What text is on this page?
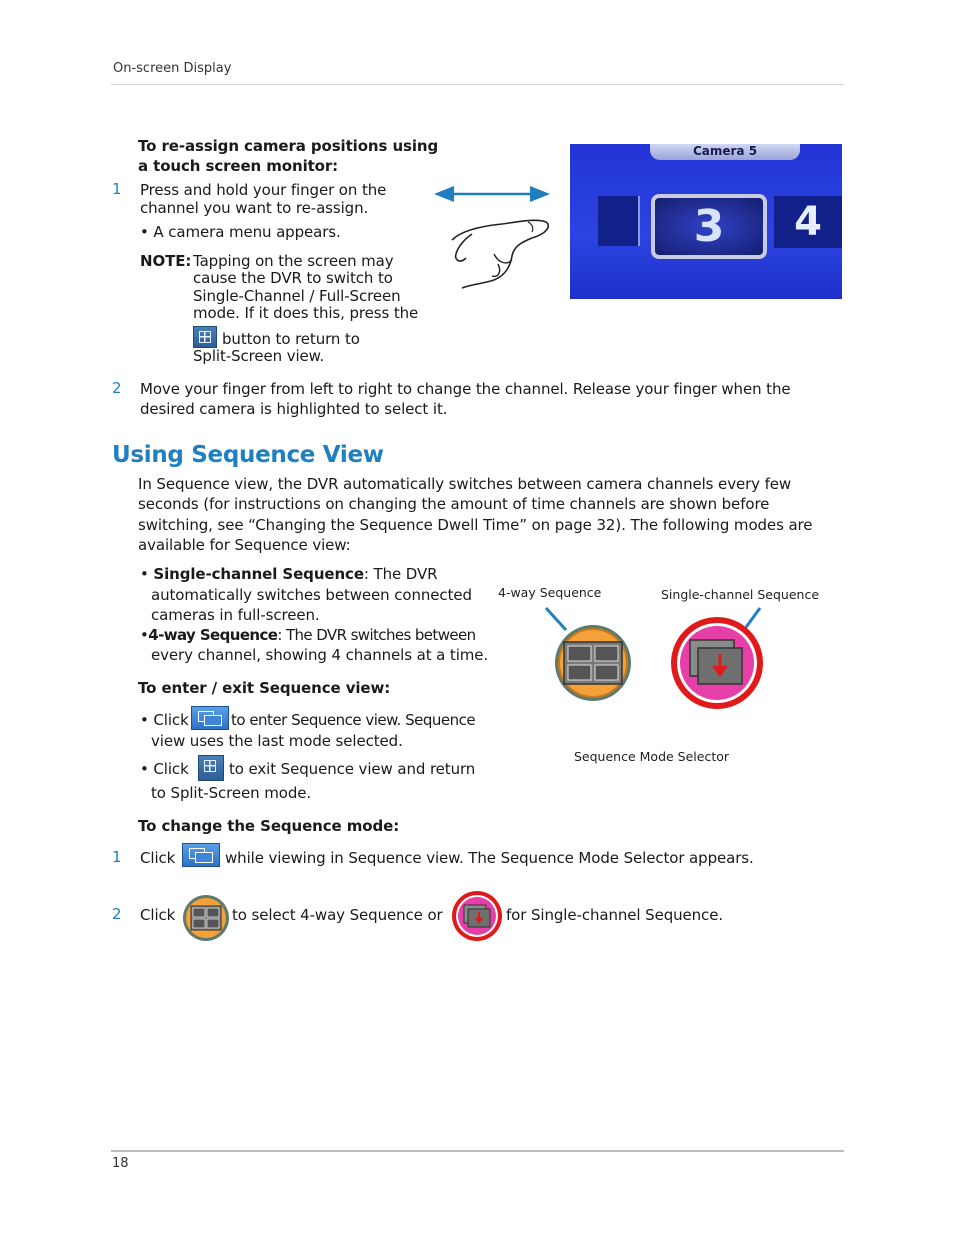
On-screen Display
To re-assign camera positions using
a touch screen monitor:
1 Press and hold your finger on the
channel you want to re-assign.
• A camera menu appears.
NOTE: Tapping on the screen may
cause the DVR to switch to
Single-Channel / Full-Screen
mode. If it does this, press the
button to return to
Split-Screen view.
Camera 5
3	4
2 Move your finger from left to right to change the channel. Release your finger when the
desired camera is highlighted to select it.
Using Sequence View
In Sequence view, the DVR automatically switches between camera channels every few
seconds (for instructions on changing the amount of time channels are shown before
switching, see “Changing the Sequence Dwell Time” on page 32). The following modes are
available for Sequence view:
• Single-channel Sequence: The DVR
automatically switches between connected
cameras in full-screen.
•4-way Sequence: The DVR switches between
every channel, showing 4 channels at a time.
To enter / exit Sequence view:
• Click	to enter Sequence view. Sequence
view uses the last mode selected.
• Click	to exit Sequence view and return
to Split-Screen mode.
4-way Sequence	Single-channel Sequence
Sequence Mode Selector
To change the Sequence mode:
1 Click	while viewing in Sequence view. The Sequence Mode Selector appears.
2 Click	to select 4-way Sequence or	for Single-channel Sequence.
18
